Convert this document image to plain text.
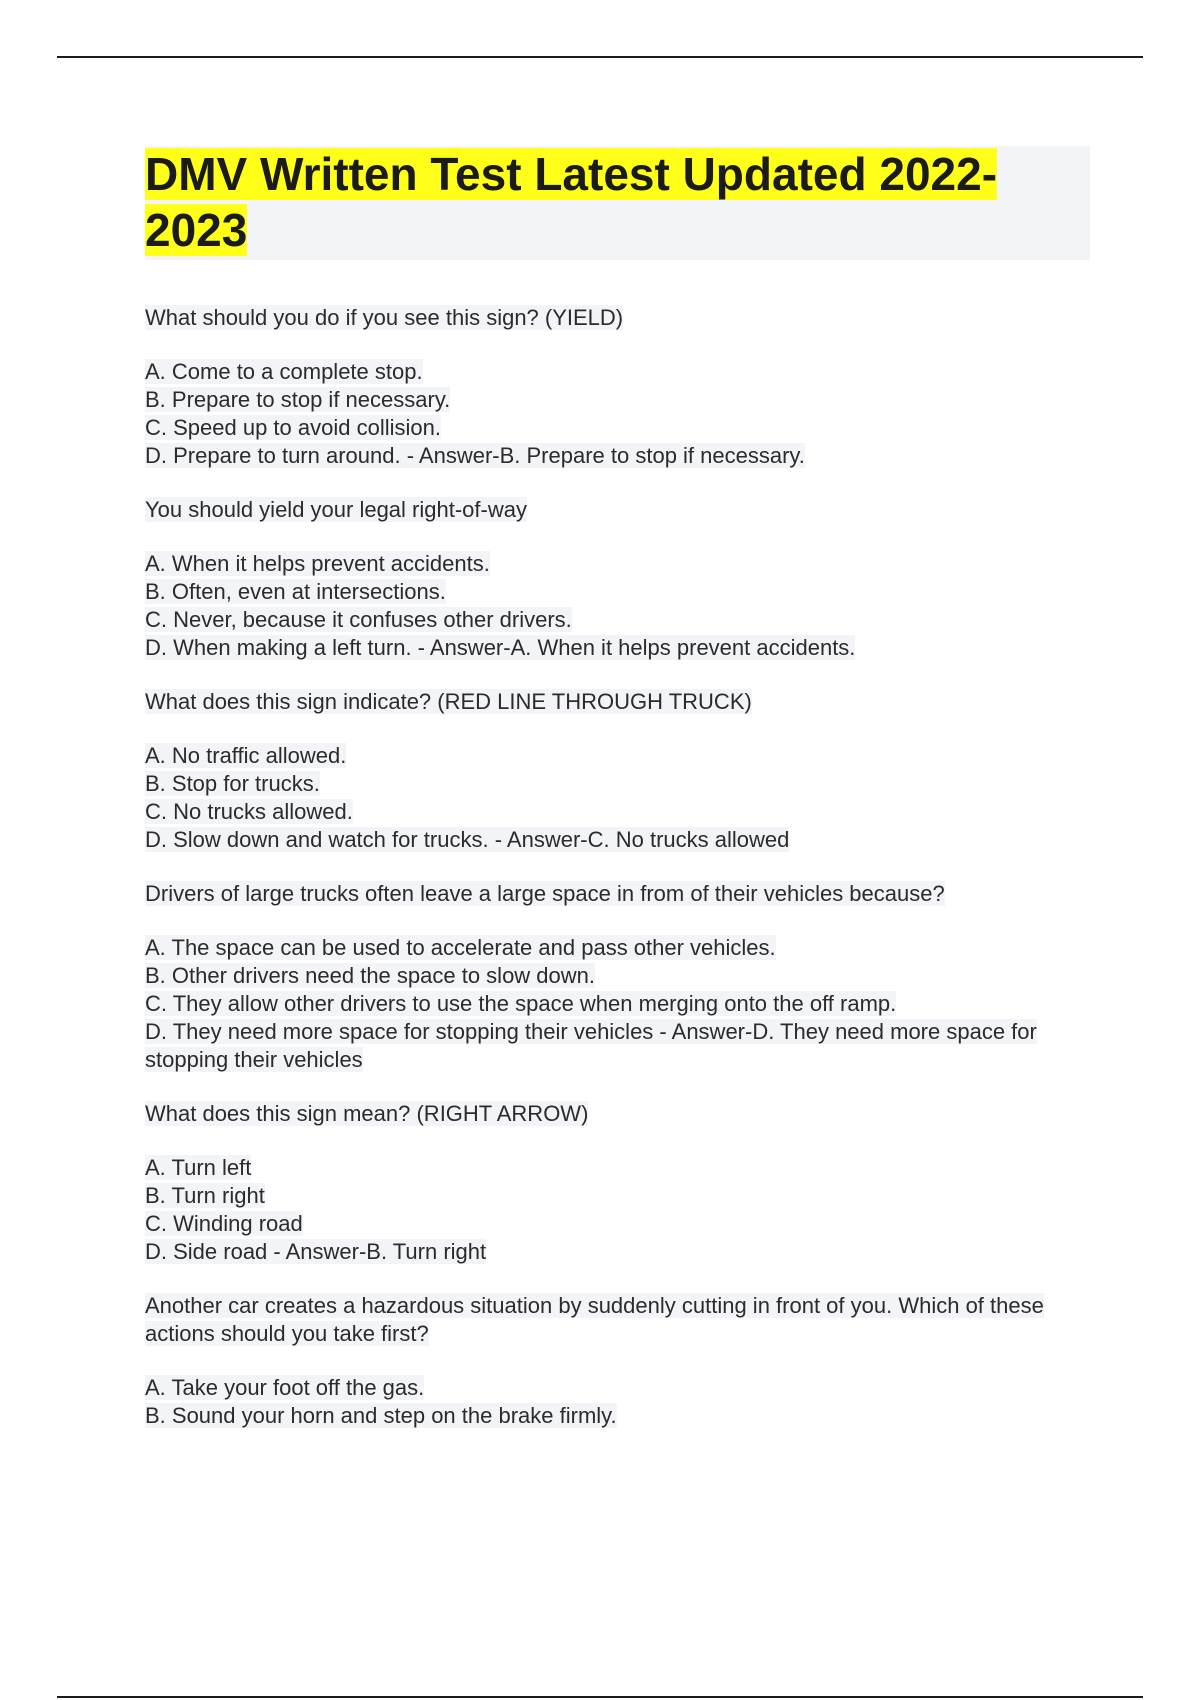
DMV Written Test Latest Updated 2022-2023

What should you do if you see this sign? (YIELD)

A. Come to a complete stop.
B. Prepare to stop if necessary.
C. Speed up to avoid collision.
D. Prepare to turn around. - Answer-B. Prepare to stop if necessary.

You should yield your legal right-of-way

A. When it helps prevent accidents.
B. Often, even at intersections.
C. Never, because it confuses other drivers.
D. When making a left turn. - Answer-A. When it helps prevent accidents.

What does this sign indicate? (RED LINE THROUGH TRUCK)

A. No traffic allowed.
B. Stop for trucks.
C. No trucks allowed.
D. Slow down and watch for trucks. - Answer-C. No trucks allowed

Drivers of large trucks often leave a large space in from of their vehicles because?

A. The space can be used to accelerate and pass other vehicles.
B. Other drivers need the space to slow down.
C. They allow other drivers to use the space when merging onto the off ramp.
D. They need more space for stopping their vehicles - Answer-D. They need more space for stopping their vehicles

What does this sign mean? (RIGHT ARROW)

A. Turn left
B. Turn right
C. Winding road
D. Side road - Answer-B. Turn right

Another car creates a hazardous situation by suddenly cutting in front of you. Which of these actions should you take first?

A. Take your foot off the gas.
B. Sound your horn and step on the brake firmly.
